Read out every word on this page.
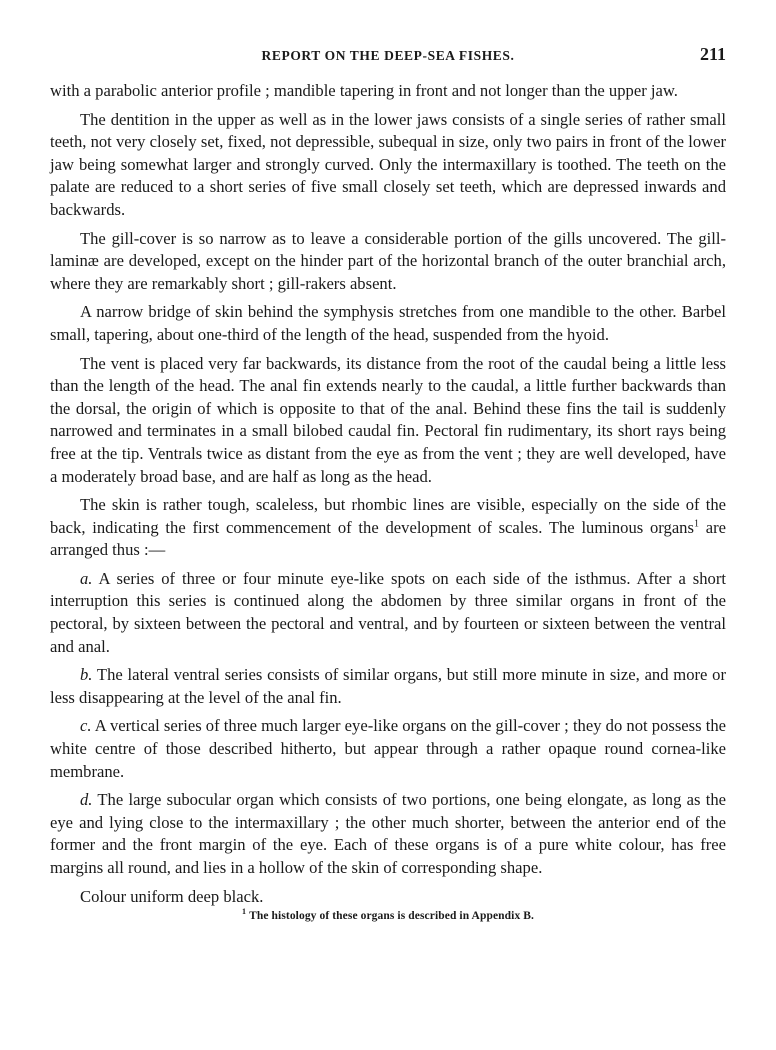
REPORT ON THE DEEP-SEA FISHES.	211

with a parabolic anterior profile ; mandible tapering in front and not longer than the upper jaw.

The dentition in the upper as well as in the lower jaws consists of a single series of rather small teeth, not very closely set, fixed, not depressible, subequal in size, only two pairs in front of the lower jaw being somewhat larger and strongly curved. Only the intermaxillary is toothed. The teeth on the palate are reduced to a short series of five small closely set teeth, which are depressed inwards and backwards.

The gill-cover is so narrow as to leave a considerable portion of the gills uncovered. The gill-laminæ are developed, except on the hinder part of the horizontal branch of the outer branchial arch, where they are remarkably short ; gill-rakers absent.

A narrow bridge of skin behind the symphysis stretches from one mandible to the other. Barbel small, tapering, about one-third of the length of the head, suspended from the hyoid.

The vent is placed very far backwards, its distance from the root of the caudal being a little less than the length of the head. The anal fin extends nearly to the caudal, a little further backwards than the dorsal, the origin of which is opposite to that of the anal. Behind these fins the tail is suddenly narrowed and terminates in a small bilobed caudal fin. Pectoral fin rudimentary, its short rays being free at the tip. Ventrals twice as distant from the eye as from the vent ; they are well developed, have a moderately broad base, and are half as long as the head.

The skin is rather tough, scaleless, but rhombic lines are visible, especially on the side of the back, indicating the first commencement of the development of scales. The luminous organs$^1$ are arranged thus :—

a. A series of three or four minute eye-like spots on each side of the isthmus. After a short interruption this series is continued along the abdomen by three similar organs in front of the pectoral, by sixteen between the pectoral and ventral, and by fourteen or sixteen between the ventral and anal.

b. The lateral ventral series consists of similar organs, but still more minute in size, and more or less disappearing at the level of the anal fin.

c. A vertical series of three much larger eye-like organs on the gill-cover ; they do not possess the white centre of those described hitherto, but appear through a rather opaque round cornea-like membrane.

d. The large subocular organ which consists of two portions, one being elongate, as long as the eye and lying close to the intermaxillary ; the other much shorter, between the anterior end of the former and the front margin of the eye. Each of these organs is of a pure white colour, has free margins all round, and lies in a hollow of the skin of corresponding shape.

Colour uniform deep black.

$^1$ The histology of these organs is described in Appendix B.
